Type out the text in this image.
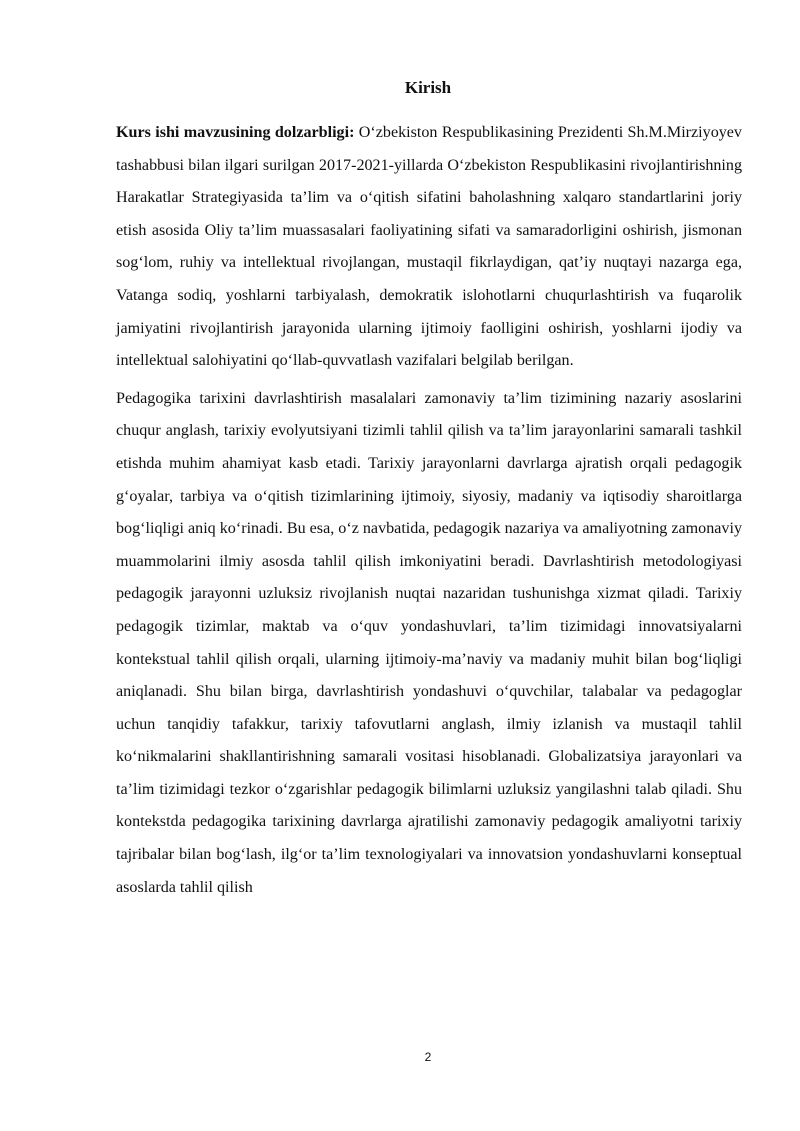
Kirish

Kurs ishi mavzusining dolzarbligi: O‘zbekiston Respublikasining Prezidenti Sh.M.Mirziyoyev tashabbusi bilan ilgari surilgan 2017-2021-yillarda O‘zbekiston Respublikasini rivojlantirishning Harakatlar Strategiyasida ta’lim va o‘qitish sifatini baholashning xalqaro standartlarini joriy etish asosida Oliy ta’lim muassasalari faoliyatining sifati va samaradorligini oshirish, jismonan sog‘lom, ruhiy va intellektual rivojlangan, mustaqil fikrlaydigan, qat’iy nuqtayi nazarga ega, Vatanga sodiq, yoshlarni tarbiyalash, demokratik islohotlarni chuqurlashtirish va fuqarolik jamiyatini rivojlantirish jarayonida ularning ijtimoiy faolligini oshirish, yoshlarni ijodiy va intellektual salohiyatini qo‘llab-quvvatlash vazifalari belgilab berilgan.

Pedagogika tarixini davrlashtirish masalalari zamonaviy ta’lim tizimining nazariy asoslarini chuqur anglash, tarixiy evolyutsiyani tizimli tahlil qilish va ta’lim jarayonlarini samarali tashkil etishda muhim ahamiyat kasb etadi. Tarixiy jarayonlarni davrlarga ajratish orqali pedagogik g‘oyalar, tarbiya va o‘qitish tizimlarining ijtimoiy, siyosiy, madaniy va iqtisodiy sharoitlarga bog‘liqligi aniq ko‘rinadi. Bu esa, o‘z navbatida, pedagogik nazariya va amaliyotning zamonaviy muammolarini ilmiy asosda tahlil qilish imkoniyatini beradi. Davrlashtirish metodologiyasi pedagogik jarayonni uzluksiz rivojlanish nuqtai nazaridan tushunishga xizmat qiladi. Tarixiy pedagogik tizimlar, maktab va o‘quv yondashuvlari, ta’lim tizimidagi innovatsiyalarni kontekstual tahlil qilish orqali, ularning ijtimoiy-ma’naviy va madaniy muhit bilan bog‘liqligi aniqlanadi. Shu bilan birga, davrlashtirish yondashuvi o‘quvchilar, talabalar va pedagoglar uchun tanqidiy tafakkur, tarixiy tafovutlarni anglash, ilmiy izlanish va mustaqil tahlil ko‘nikmalarini shakllantirishning samarali vositasi hisoblanadi. Globalizatsiya jarayonlari va ta’lim tizimidagi tezkor o‘zgarishlar pedagogik bilimlarni uzluksiz yangilashni talab qiladi. Shu kontekstda pedagogika tarixining davrlarga ajratilishi zamonaviy pedagogik amaliyotni tarixiy tajribalar bilan bog‘lash, ilg‘or ta’lim texnologiyalari va innovatsion yondashuvlarni konseptual asoslarda tahlil qilish

2
